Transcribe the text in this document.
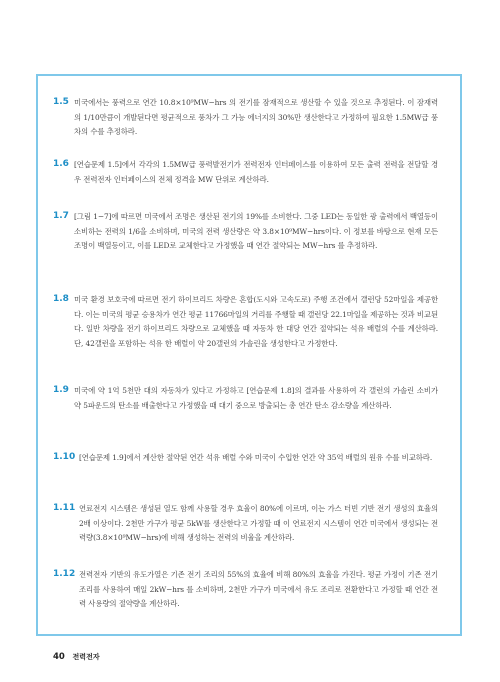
1.5 미국에서는 풍력으로 연간 10.8×10⁹MW−hrs 의 전기를 잠재적으로 생산할 수 있을 것으로 추정된다. 이 잠재력의 1/10만큼이 개발된다면 평균적으로 풍차가 그 가능 에너지의 30%만 생산한다고 가정하여 필요한 1.5MW급 풍차의 수를 추정하라.
1.6 [연습문제 1.5]에서 각각의 1.5MW급 풍력발전기가 전력전자 인터페이스를 이용하여 모든 출력 전력을 전달할 경우 전력전자 인터페이스의 전체 정격을 MW 단위로 계산하라.
1.7 [그림 1−7]에 따르면 미국에서 조명은 생산된 전기의 19%를 소비한다. 그중 LED는 동일한 광 출력에서 백열등이 소비하는 전력의 1/6을 소비하며, 미국의 전력 생산량은 약 3.8×10⁹MW−hrs이다. 이 정보를 바탕으로 현재 모든 조명이 백열등이고, 이를 LED로 교체한다고 가정했을 때 연간 절약되는 MW−hrs 를 추정하라.
1.8 미국 환경 보호국에 따르면 전기 하이브리드 차량은 혼합(도시와 고속도로) 주행 조건에서 갤런당 52마일을 제공한다. 이는 미국의 평균 승용차가 연간 평균 11766마일의 거리를 주행할 때 갤런당 22.1마일을 제공하는 것과 비교된다. 일반 차량을 전기 하이브리드 차량으로 교체했을 때 자동차 한 대당 연간 절약되는 석유 배럴의 수를 계산하라. 단, 42갤런을 포함하는 석유 한 배럴이 약 20갤런의 가솔린을 생성한다고 가정한다.
1.9 미국에 약 1억 5천만 대의 자동차가 있다고 가정하고 [연습문제 1.8]의 결과를 사용하여 각 갤런의 가솔린 소비가 약 5파운드의 탄소를 배출한다고 가정했을 때 대기 중으로 방출되는 총 연간 탄소 감소량을 계산하라.
1.10 [연습문제 1.9]에서 계산한 절약된 연간 석유 배럴 수와 미국이 수입한 연간 약 35억 배럴의 원유 수를 비교하라.
1.11 연료전지 시스템은 생성된 열도 함께 사용할 경우 효율이 80%에 이르며, 이는 가스 터빈 기반 전기 생성의 효율의 2배 이상이다. 2천만 가구가 평균 5kW를 생산한다고 가정할 때 이 연료전지 시스템이 연간 미국에서 생성되는 전력량(3.8×10⁹MW−hrs)에 비해 생성하는 전력의 비율을 계산하라.
1.12 전력전자 기반의 유도가열은 기존 전기 조리의 55%의 효율에 비해 80%의 효율을 가진다. 평균 가정이 기존 전기 조리를 사용하여 매일 2kW−hrs 를 소비하며, 2천만 가구가 미국에서 유도 조리로 전환한다고 가정할 때 연간 전력 사용량의 절약량을 계산하라.
40 전력전자
